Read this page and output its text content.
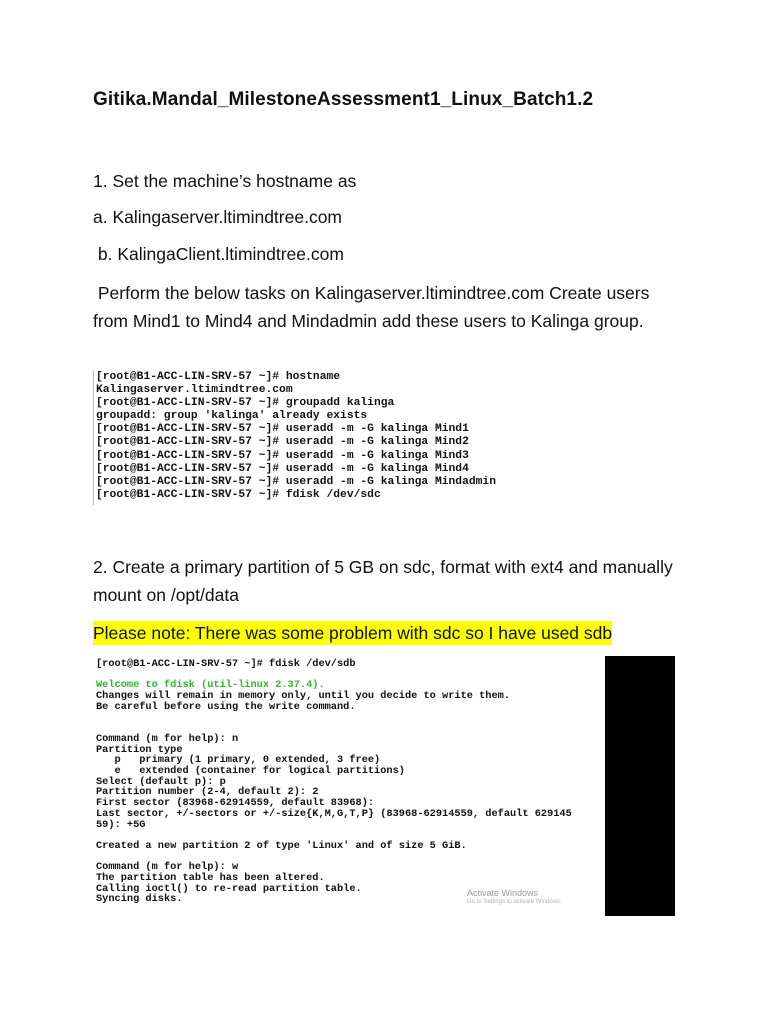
Gitika.Mandal_MilestoneAssessment1_Linux_Batch1.2
1. Set the machine’s hostname as
a. Kalingaserver.ltimindtree.com
b. KalingaClient.ltimindtree.com
Perform the below tasks on Kalingaserver.ltimindtree.com Create users from Mind1 to Mind4 and Mindadmin add these users to Kalinga group.
[root@B1-ACC-LIN-SRV-57 ~]# hostname
Kalingaserver.ltimindtree.com
[root@B1-ACC-LIN-SRV-57 ~]# groupadd kalinga
groupadd: group 'kalinga' already exists
[root@B1-ACC-LIN-SRV-57 ~]# useradd -m -G kalinga Mind1
[root@B1-ACC-LIN-SRV-57 ~]# useradd -m -G kalinga Mind2
[root@B1-ACC-LIN-SRV-57 ~]# useradd -m -G kalinga Mind3
[root@B1-ACC-LIN-SRV-57 ~]# useradd -m -G kalinga Mind4
[root@B1-ACC-LIN-SRV-57 ~]# useradd -m -G kalinga Mindadmin
[root@B1-ACC-LIN-SRV-57 ~]# fdisk /dev/sdc
2. Create a primary partition of 5 GB on sdc, format with ext4 and manually mount on /opt/data
Please note: There was some problem with sdc so I have used sdb
[root@B1-ACC-LIN-SRV-57 ~]# fdisk /dev/sdb
Welcome to fdisk (util-linux 2.37.4).
Changes will remain in memory only, until you decide to write them.
Be careful before using the write command.
Command (m for help): n
Partition type
p   primary (1 primary, 0 extended, 3 free)
e   extended (container for logical partitions)
Select (default p): p
Partition number (2-4, default 2): 2
First sector (83968-62914559, default 83968):
Last sector, +/-sectors or +/-size{K,M,G,T,P} (83968-62914559, default 629145
59): +5G
Created a new partition 2 of type 'Linux' and of size 5 GiB.
Command (m for help): w
The partition table has been altered.
Calling ioctl() to re-read partition table.
Syncing disks.
Activate Windows
Go to Settings to activate Windows.
